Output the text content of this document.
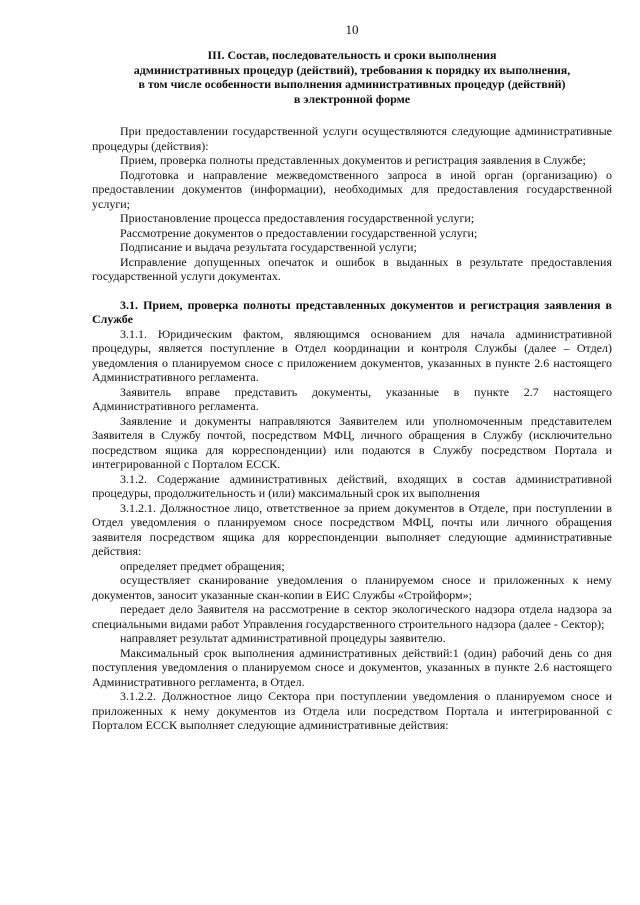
10
III. Состав, последовательность и сроки выполнения
административных процедур (действий), требования к порядку их выполнения,
в том числе особенности выполнения административных процедур (действий)
в электронной форме

При предоставлении государственной услуги осуществляются следующие административные процедуры (действия):

Прием, проверка полноты представленных документов и регистрация заявления в Службе;

Подготовка и направление межведомственного запроса в иной орган (организацию) о предоставлении документов (информации), необходимых для предоставления государственной услуги;

Приостановление процесса предоставления государственной услуги;

Рассмотрение документов о предоставлении государственной услуги;

Подписание и выдача результата государственной услуги;

Исправление допущенных опечаток и ошибок в выданных в результате предоставления государственной услуги документах.

3.1. Прием, проверка полноты представленных документов и регистрация заявления в Службе

3.1.1. Юридическим фактом, являющимся основанием для начала административной процедуры, является поступление в Отдел координации и контроля Службы (далее – Отдел) уведомления о планируемом сносе с приложением документов, указанных в пункте 2.6 настоящего Административного регламента.

Заявитель вправе представить документы, указанные в пункте 2.7 настоящего Административного регламента.

Заявление и документы направляются Заявителем или уполномоченным представителем Заявителя в Службу почтой, посредством МФЦ, личного обращения в Службу (исключительно посредством ящика для корреспонденции) или подаются в Службу посредством Портала и интегрированной с Порталом ЕССК.

3.1.2. Содержание административных действий, входящих в состав административной процедуры, продолжительность и (или) максимальный срок их выполнения

3.1.2.1. Должностное лицо, ответственное за прием документов в Отделе, при поступлении в Отдел уведомления о планируемом сносе посредством МФЦ, почты или личного обращения заявителя посредством ящика для корреспонденции выполняет следующие административные действия:

определяет предмет обращения;

осуществляет сканирование уведомления о планируемом сносе и приложенных к нему документов, заносит указанные скан-копии в ЕИС Службы «Стройформ»;

передает дело Заявителя на рассмотрение в сектор экологического надзора отдела надзора за специальными видами работ Управления государственного строительного надзора (далее - Сектор);

направляет результат административной процедуры заявителю.

Максимальный срок выполнения административных действий:1 (один) рабочий день со дня поступления уведомления о планируемом сносе и документов, указанных в пункте 2.6 настоящего Административного регламента, в Отдел.

3.1.2.2. Должностное лицо Сектора при поступлении уведомления о планируемом сносе и приложенных к нему документов из Отдела или посредством Портала и интегрированной с Порталом ЕССК выполняет следующие административные действия:
